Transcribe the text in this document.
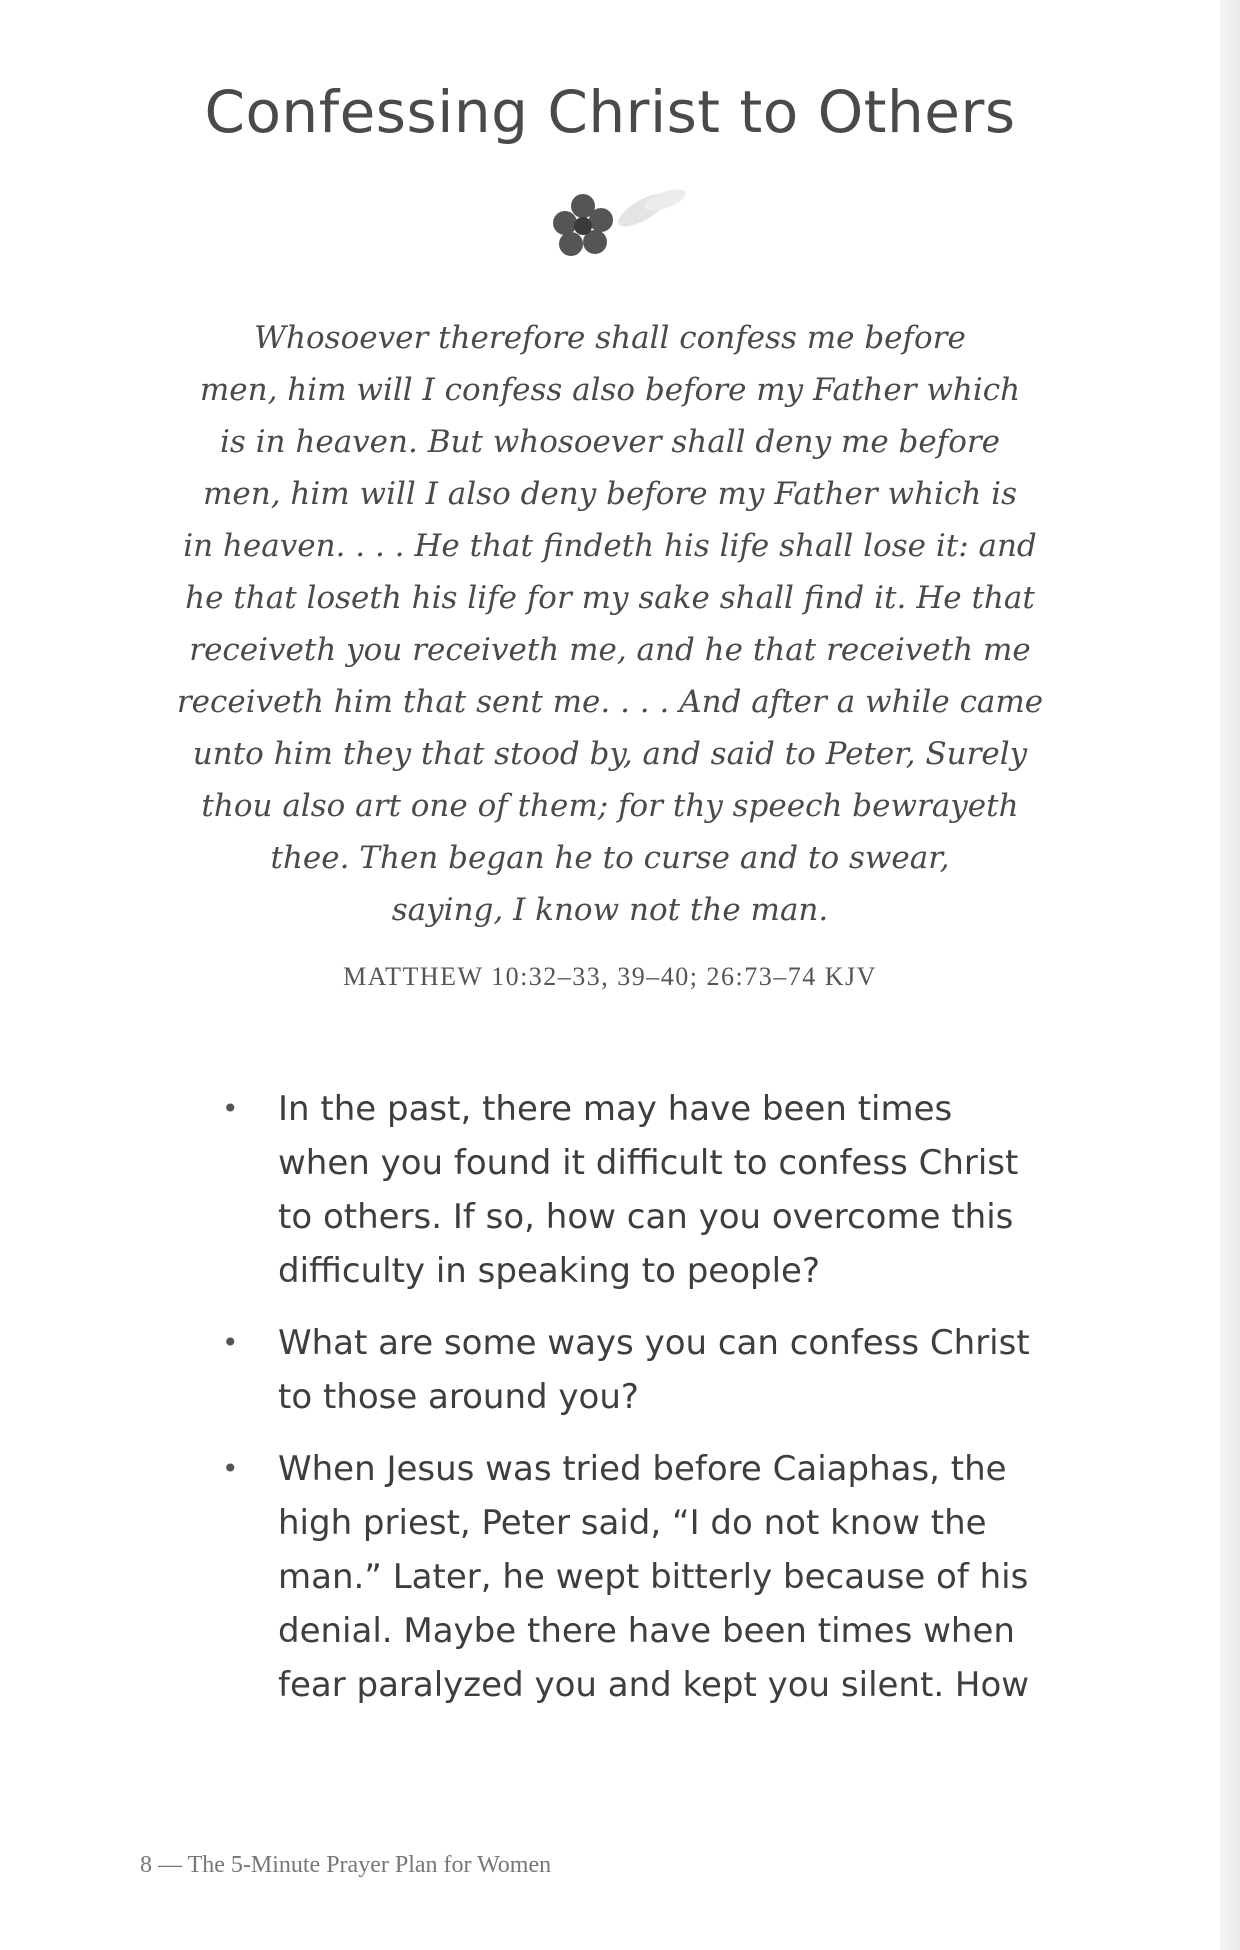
Confessing Christ to Others

Whosoever therefore shall confess me before
men, him will I confess also before my Father which
is in heaven. But whosoever shall deny me before
men, him will I also deny before my Father which is
in heaven. . . . He that findeth his life shall lose it: and
he that loseth his life for my sake shall find it. He that
receiveth you receiveth me, and he that receiveth me
receiveth him that sent me. . . . And after a while came
unto him they that stood by, and said to Peter, Surely
thou also art one of them; for thy speech bewrayeth
thee. Then began he to curse and to swear,
saying, I know not the man.

MATTHEW 10:32–33, 39–40; 26:73–74 KJV
• In the past, there may have been times
when you found it difficult to confess Christ
to others. If so, how can you overcome this
difficulty in speaking to people?
• What are some ways you can confess Christ
to those around you?
• When Jesus was tried before Caiaphas, the
high priest, Peter said, “I do not know the
man.” Later, he wept bitterly because of his
denial. Maybe there have been times when
fear paralyzed you and kept you silent. How
8 — The 5-Minute Prayer Plan for Women
